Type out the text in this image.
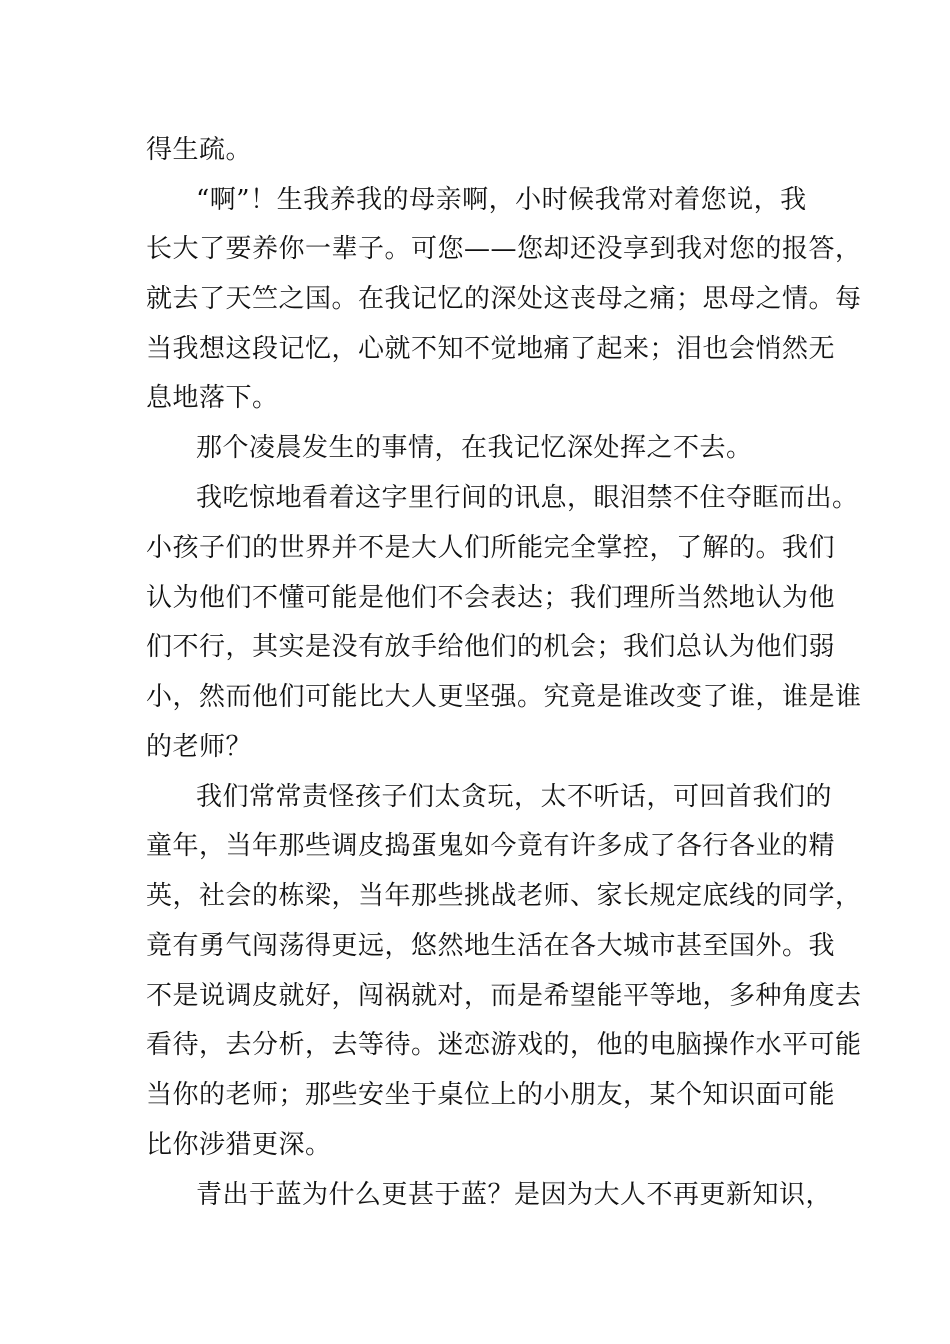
得生疏。
“啊”！生我养我的母亲啊，小时候我常对着您说，我
长大了要养你一辈子。可您——您却还没享到我对您的报答，
就去了天竺之国。在我记忆的深处这丧母之痛；思母之情。每
当我想这段记忆，心就不知不觉地痛了起来；泪也会悄然无
息地落下。
那个凌晨发生的事情，在我记忆深处挥之不去。
我吃惊地看着这字里行间的讯息，眼泪禁不住夺眶而出。
小孩子们的世界并不是大人们所能完全掌控，了解的。我们
认为他们不懂可能是他们不会表达；我们理所当然地认为他
们不行，其实是没有放手给他们的机会；我们总认为他们弱
小，然而他们可能比大人更坚强。究竟是谁改变了谁，谁是谁
的老师？
我们常常责怪孩子们太贪玩，太不听话，可回首我们的
童年，当年那些调皮捣蛋鬼如今竟有许多成了各行各业的精
英，社会的栋梁，当年那些挑战老师、家长规定底线的同学，
竟有勇气闯荡得更远，悠然地生活在各大城市甚至国外。我
不是说调皮就好，闯祸就对，而是希望能平等地，多种角度去
看待，去分析，去等待。迷恋游戏的，他的电脑操作水平可能
当你的老师；那些安坐于桌位上的小朋友，某个知识面可能
比你涉猎更深。
青出于蓝为什么更甚于蓝？是因为大人不再更新知识，
